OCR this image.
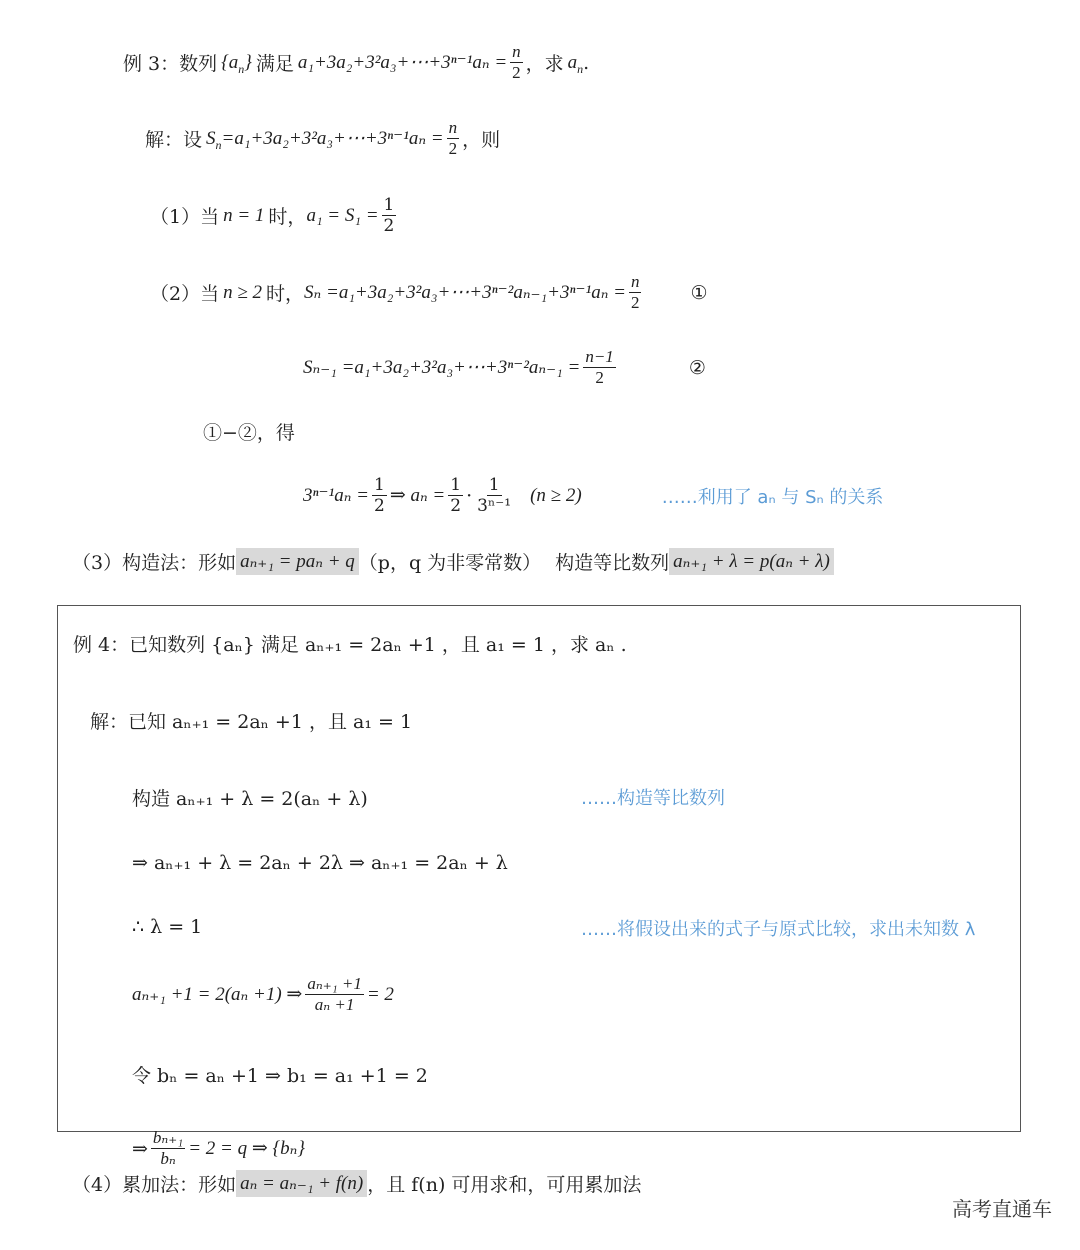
例 3：数列 $\{a_n\}$ 满足 a₁+3a₂+3²a₃+⋯+3ⁿ⁻¹aₙ = $\frac{n}{2}$ ，求 $a_n$ .
解：设 $S_n$ =a₁+3a₂+3²a₃+⋯+3ⁿ⁻¹aₙ = $\frac{n}{2}$ ，则
（1）当 n = 1 时， $a_1 = S_1 = \frac{1}{2}$
（2）当 n ≥ 2 时， Sₙ =a₁+3a₂+3²a₃+⋯+3ⁿ⁻²aₙ₋₁+3ⁿ⁻¹aₙ = $\frac{n}{2}$	①
Sₙ₋₁ =a₁+3a₂+3²a₃+⋯+3ⁿ⁻²aₙ₋₁ = $\frac{n-1}{2}$	②
①−②，得
$3^{n-1}a_n = \frac{1}{2}$ ⇒ $a_n = \frac{1}{2} \cdot \frac{1}{\text{3ⁿ⁻¹}} (n \ge 2)$	……利用了 aₙ 与 Sₙ 的关系
（3）构造法：形如 aₙ₊₁ = paₙ + q （p，q 为非零常数） 构造等比数列 aₙ₊₁ + λ = p(aₙ + λ)
例 4：已知数列 {aₙ} 满足 aₙ₊₁ = 2aₙ +1 ，且 a₁ = 1 ，求 aₙ .
解：已知 aₙ₊₁ = 2aₙ +1 ，且 a₁ = 1
构造 aₙ₊₁ + λ = 2(aₙ + λ)	……构造等比数列
⇒ aₙ₊₁ + λ = 2aₙ + 2λ ⇒ aₙ₊₁ = 2aₙ + λ
∴ λ = 1	……将假设出来的式子与原式比较，求出未知数 λ
aₙ₊₁ +1 = 2(aₙ +1) ⇒ $\frac{\text{aₙ₊₁ +1}}{\text{aₙ +1}} = 2$
令 bₙ = aₙ +1 ⇒ b₁ = a₁ +1 = 2
⇒ $\frac{\text{bₙ₊₁}}{\text{bₙ}} = 2 = q$ ⇒ {bₙ}
（4）累加法：形如 aₙ = aₙ₋₁ + f(n) ，且 f(n) 可用求和，可用累加法
高考直通车
